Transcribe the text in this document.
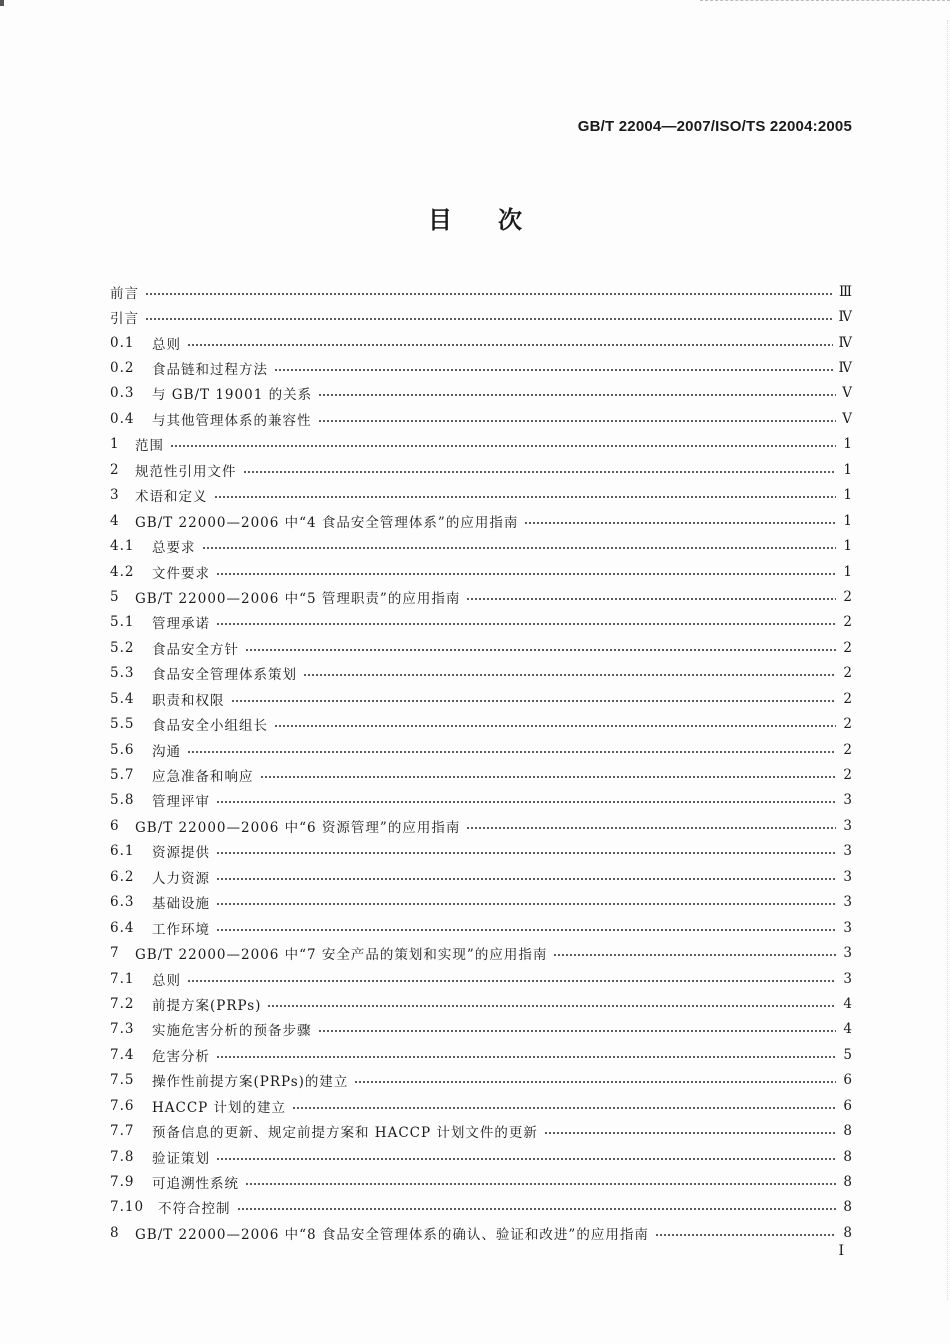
GB/T 22004—2007/ISO/TS 22004:2005
目 次
前言	Ⅲ
引言	Ⅳ
0.1	总则	Ⅳ
0.2	食品链和过程方法	Ⅳ
0.3	与 GB/T 19001 的关系	Ⅴ
0.4	与其他管理体系的兼容性	Ⅴ
1	范围	1
2	规范性引用文件	1
3	术语和定义	1
4	GB/T 22000—2006 中“4 食品安全管理体系”的应用指南	1
4.1	总要求	1
4.2	文件要求	1
5	GB/T 22000—2006 中“5 管理职责”的应用指南	2
5.1	管理承诺	2
5.2	食品安全方针	2
5.3	食品安全管理体系策划	2
5.4	职责和权限	2
5.5	食品安全小组组长	2
5.6	沟通	2
5.7	应急准备和响应	2
5.8	管理评审	3
6	GB/T 22000—2006 中“6 资源管理”的应用指南	3
6.1	资源提供	3
6.2	人力资源	3
6.3	基础设施	3
6.4	工作环境	3
7	GB/T 22000—2006 中“7 安全产品的策划和实现”的应用指南	3
7.1	总则	3
7.2	前提方案(PRPs)	4
7.3	实施危害分析的预备步骤	4
7.4	危害分析	5
7.5	操作性前提方案(PRPs)的建立	6
7.6	HACCP 计划的建立	6
7.7	预备信息的更新、规定前提方案和 HACCP 计划文件的更新	8
7.8	验证策划	8
7.9	可追溯性系统	8
7.10	不符合控制	8
8	GB/T 22000—2006 中“8 食品安全管理体系的确认、验证和改进”的应用指南	8
I
